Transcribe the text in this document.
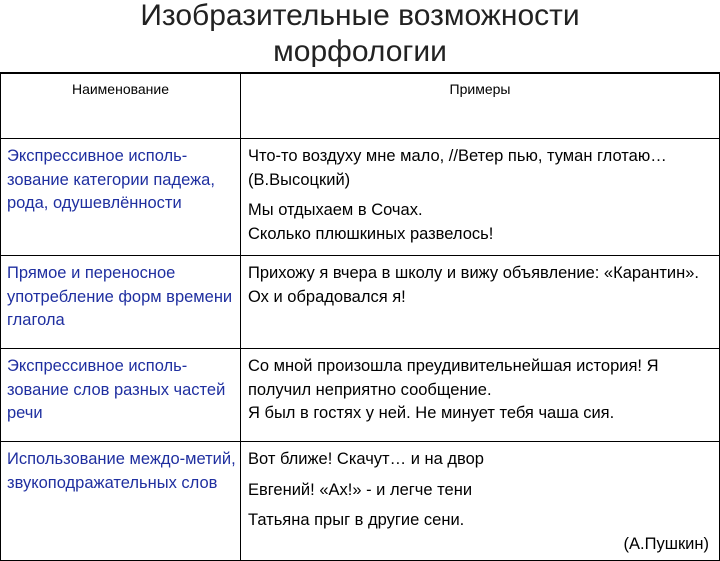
Изобразительные возможности
морфологии
Наименование	Примеры
Экспрессивное исполь-зование категории падежа, рода, одушевлённости	Что-то воздуху мне мало, //Ветер пью, туман глотаю… (В.Высоцкий)

Мы отдыхаем в Сочах.

Сколько плюшкиных развелось!

Прямое и переносное употребление форм времени глагола	Прихожу я вчера в школу и вижу объявление: «Карантин». Ох и обрадовался я!

Экспрессивное исполь-зование слов разных частей речи	Со мной произошла преудивительнейшая история! Я получил неприятно сообщение.

Я был в гостях у ней. Не минует тебя чаша сия.

Использование междо-метий, звукоподражательных слов	Вот ближе! Скачут… и на двор

Евгений! «Ах!» - и легче тени

Татьяна прыг в другие сени.

(А.Пушкин)
